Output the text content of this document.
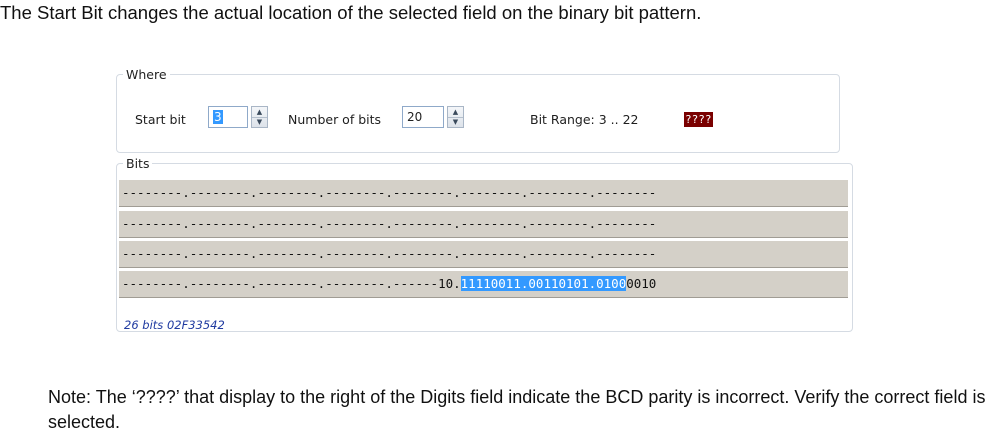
The Start Bit changes the actual location of the selected field on the binary bit pattern.
Where
Start bit	3	▲
▼	Number of bits	20	▲
▼	Bit Range: 3 .. 22	????
Bits
--------.--------.--------.--------.--------.--------.--------.--------
--------.--------.--------.--------.--------.--------.--------.--------
--------.--------.--------.--------.--------.--------.--------.--------
--------.--------.--------.--------.------10.11110011.00110101.01000010
26 bits 02F33542
Note: The ‘????’ that display to the right of the Digits field indicate the BCD parity is incorrect. Verify the correct field is selected.
